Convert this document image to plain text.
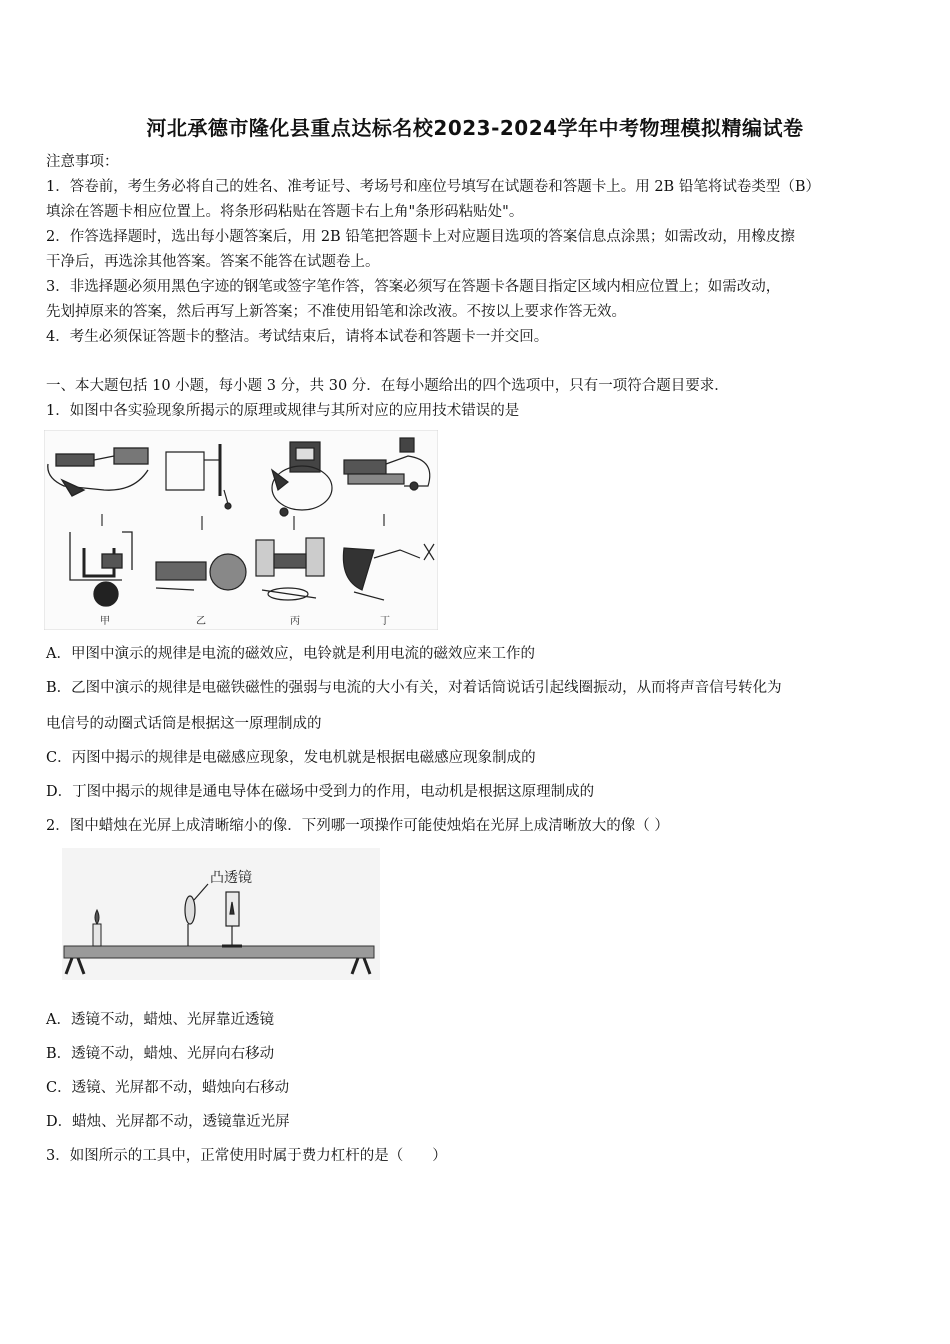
河北承德市隆化县重点达标名校2023-2024学年中考物理模拟精编试卷
注意事项：
1．答卷前，考生务必将自己的姓名、准考证号、考场号和座位号填写在试题卷和答题卡上。用 2B 铅笔将试卷类型（B）
填涂在答题卡相应位置上。将条形码粘贴在答题卡右上角"条形码粘贴处"。
2．作答选择题时，选出每小题答案后，用 2B 铅笔把答题卡上对应题目选项的答案信息点涂黑；如需改动，用橡皮擦
干净后，再选涂其他答案。答案不能答在试题卷上。
3．非选择题必须用黑色字迹的钢笔或签字笔作答，答案必须写在答题卡各题目指定区域内相应位置上；如需改动，
先划掉原来的答案，然后再写上新答案；不准使用铅笔和涂改液。不按以上要求作答无效。
4．考生必须保证答题卡的整洁。考试结束后，请将本试卷和答题卡一并交回。
一、本大题包括 10 小题，每小题 3 分，共 30 分．在每小题给出的四个选项中，只有一项符合题目要求．
1．如图中各实验现象所揭示的原理或规律与其所对应的应用技术错误的是
甲	乙	丙	丁
A．甲图中演示的规律是电流的磁效应，电铃就是利用电流的磁效应来工作的
B．乙图中演示的规律是电磁铁磁性的强弱与电流的大小有关，对着话筒说话引起线圈振动，从而将声音信号转化为
电信号的动圈式话筒是根据这一原理制成的
C．丙图中揭示的规律是电磁感应现象，发电机就是根据电磁感应现象制成的
D．丁图中揭示的规律是通电导体在磁场中受到力的作用，电动机是根据这原理制成的
2．图中蜡烛在光屏上成清晰缩小的像．下列哪一项操作可能使烛焰在光屏上成清晰放大的像（ ）
凸透镜
A．透镜不动，蜡烛、光屏靠近透镜
B．透镜不动，蜡烛、光屏向右移动
C．透镜、光屏都不动，蜡烛向右移动
D．蜡烛、光屏都不动，透镜靠近光屏
3．如图所示的工具中，正常使用时属于费力杠杆的是（　　）
